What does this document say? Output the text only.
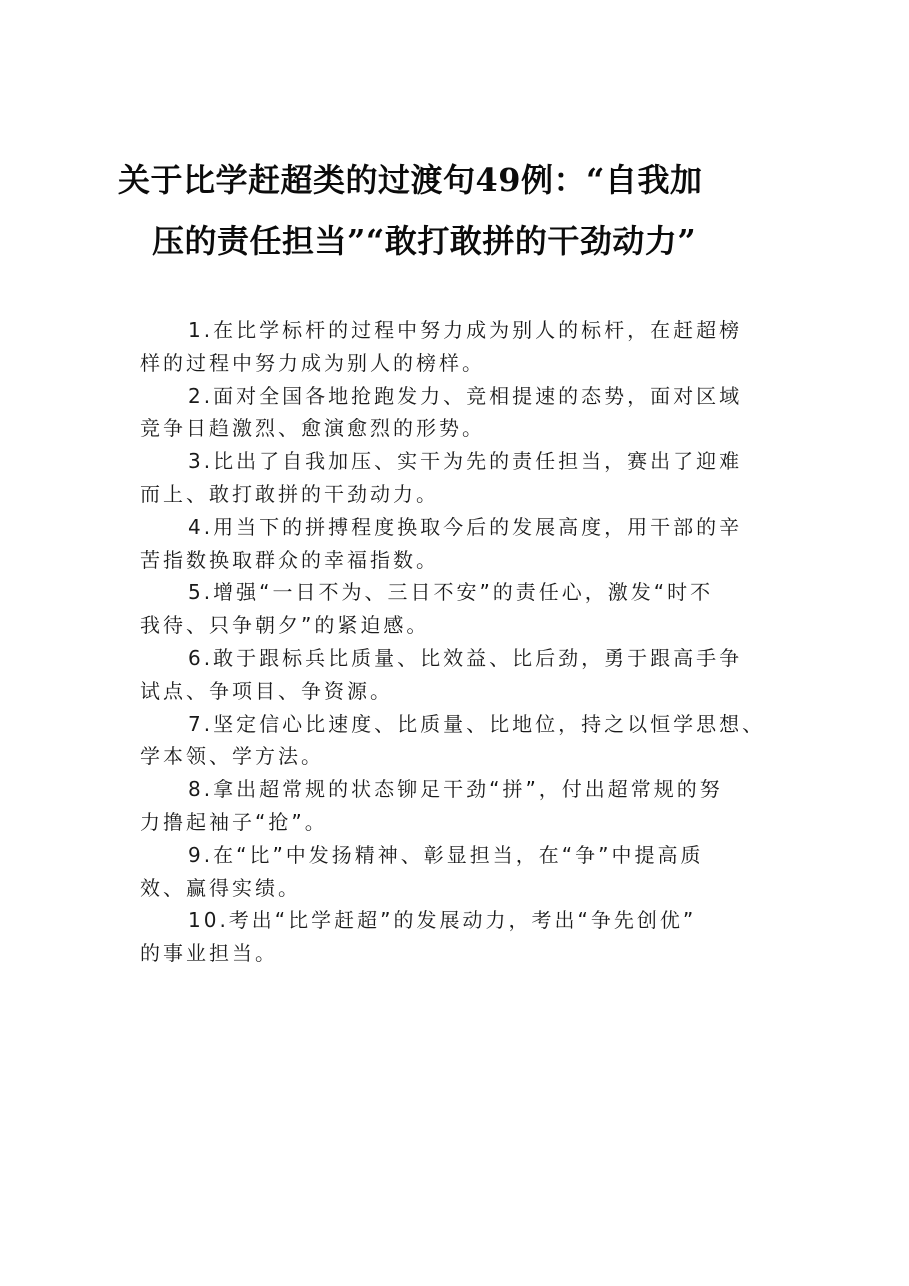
关于比学赶超类的过渡句49例：“自我加
压的责任担当”“敢打敢拼的干劲动力”
1.在比学标杆的过程中努力成为别人的标杆，在赶超榜
样的过程中努力成为别人的榜样。
2.面对全国各地抢跑发力、竞相提速的态势，面对区域
竞争日趋激烈、愈演愈烈的形势。
3.比出了自我加压、实干为先的责任担当，赛出了迎难
而上、敢打敢拼的干劲动力。
4.用当下的拼搏程度换取今后的发展高度，用干部的辛
苦指数换取群众的幸福指数。
5.增强“一日不为、三日不安”的责任心，激发“时不
我待、只争朝夕”的紧迫感。
6.敢于跟标兵比质量、比效益、比后劲，勇于跟高手争
试点、争项目、争资源。
7.坚定信心比速度、比质量、比地位，持之以恒学思想、
学本领、学方法。
8.拿出超常规的状态铆足干劲“拼”，付出超常规的努
力撸起袖子“抢”。
9.在“比”中发扬精神、彰显担当，在“争”中提高质
效、赢得实绩。
10.考出“比学赶超”的发展动力，考出“争先创优”
的事业担当。
